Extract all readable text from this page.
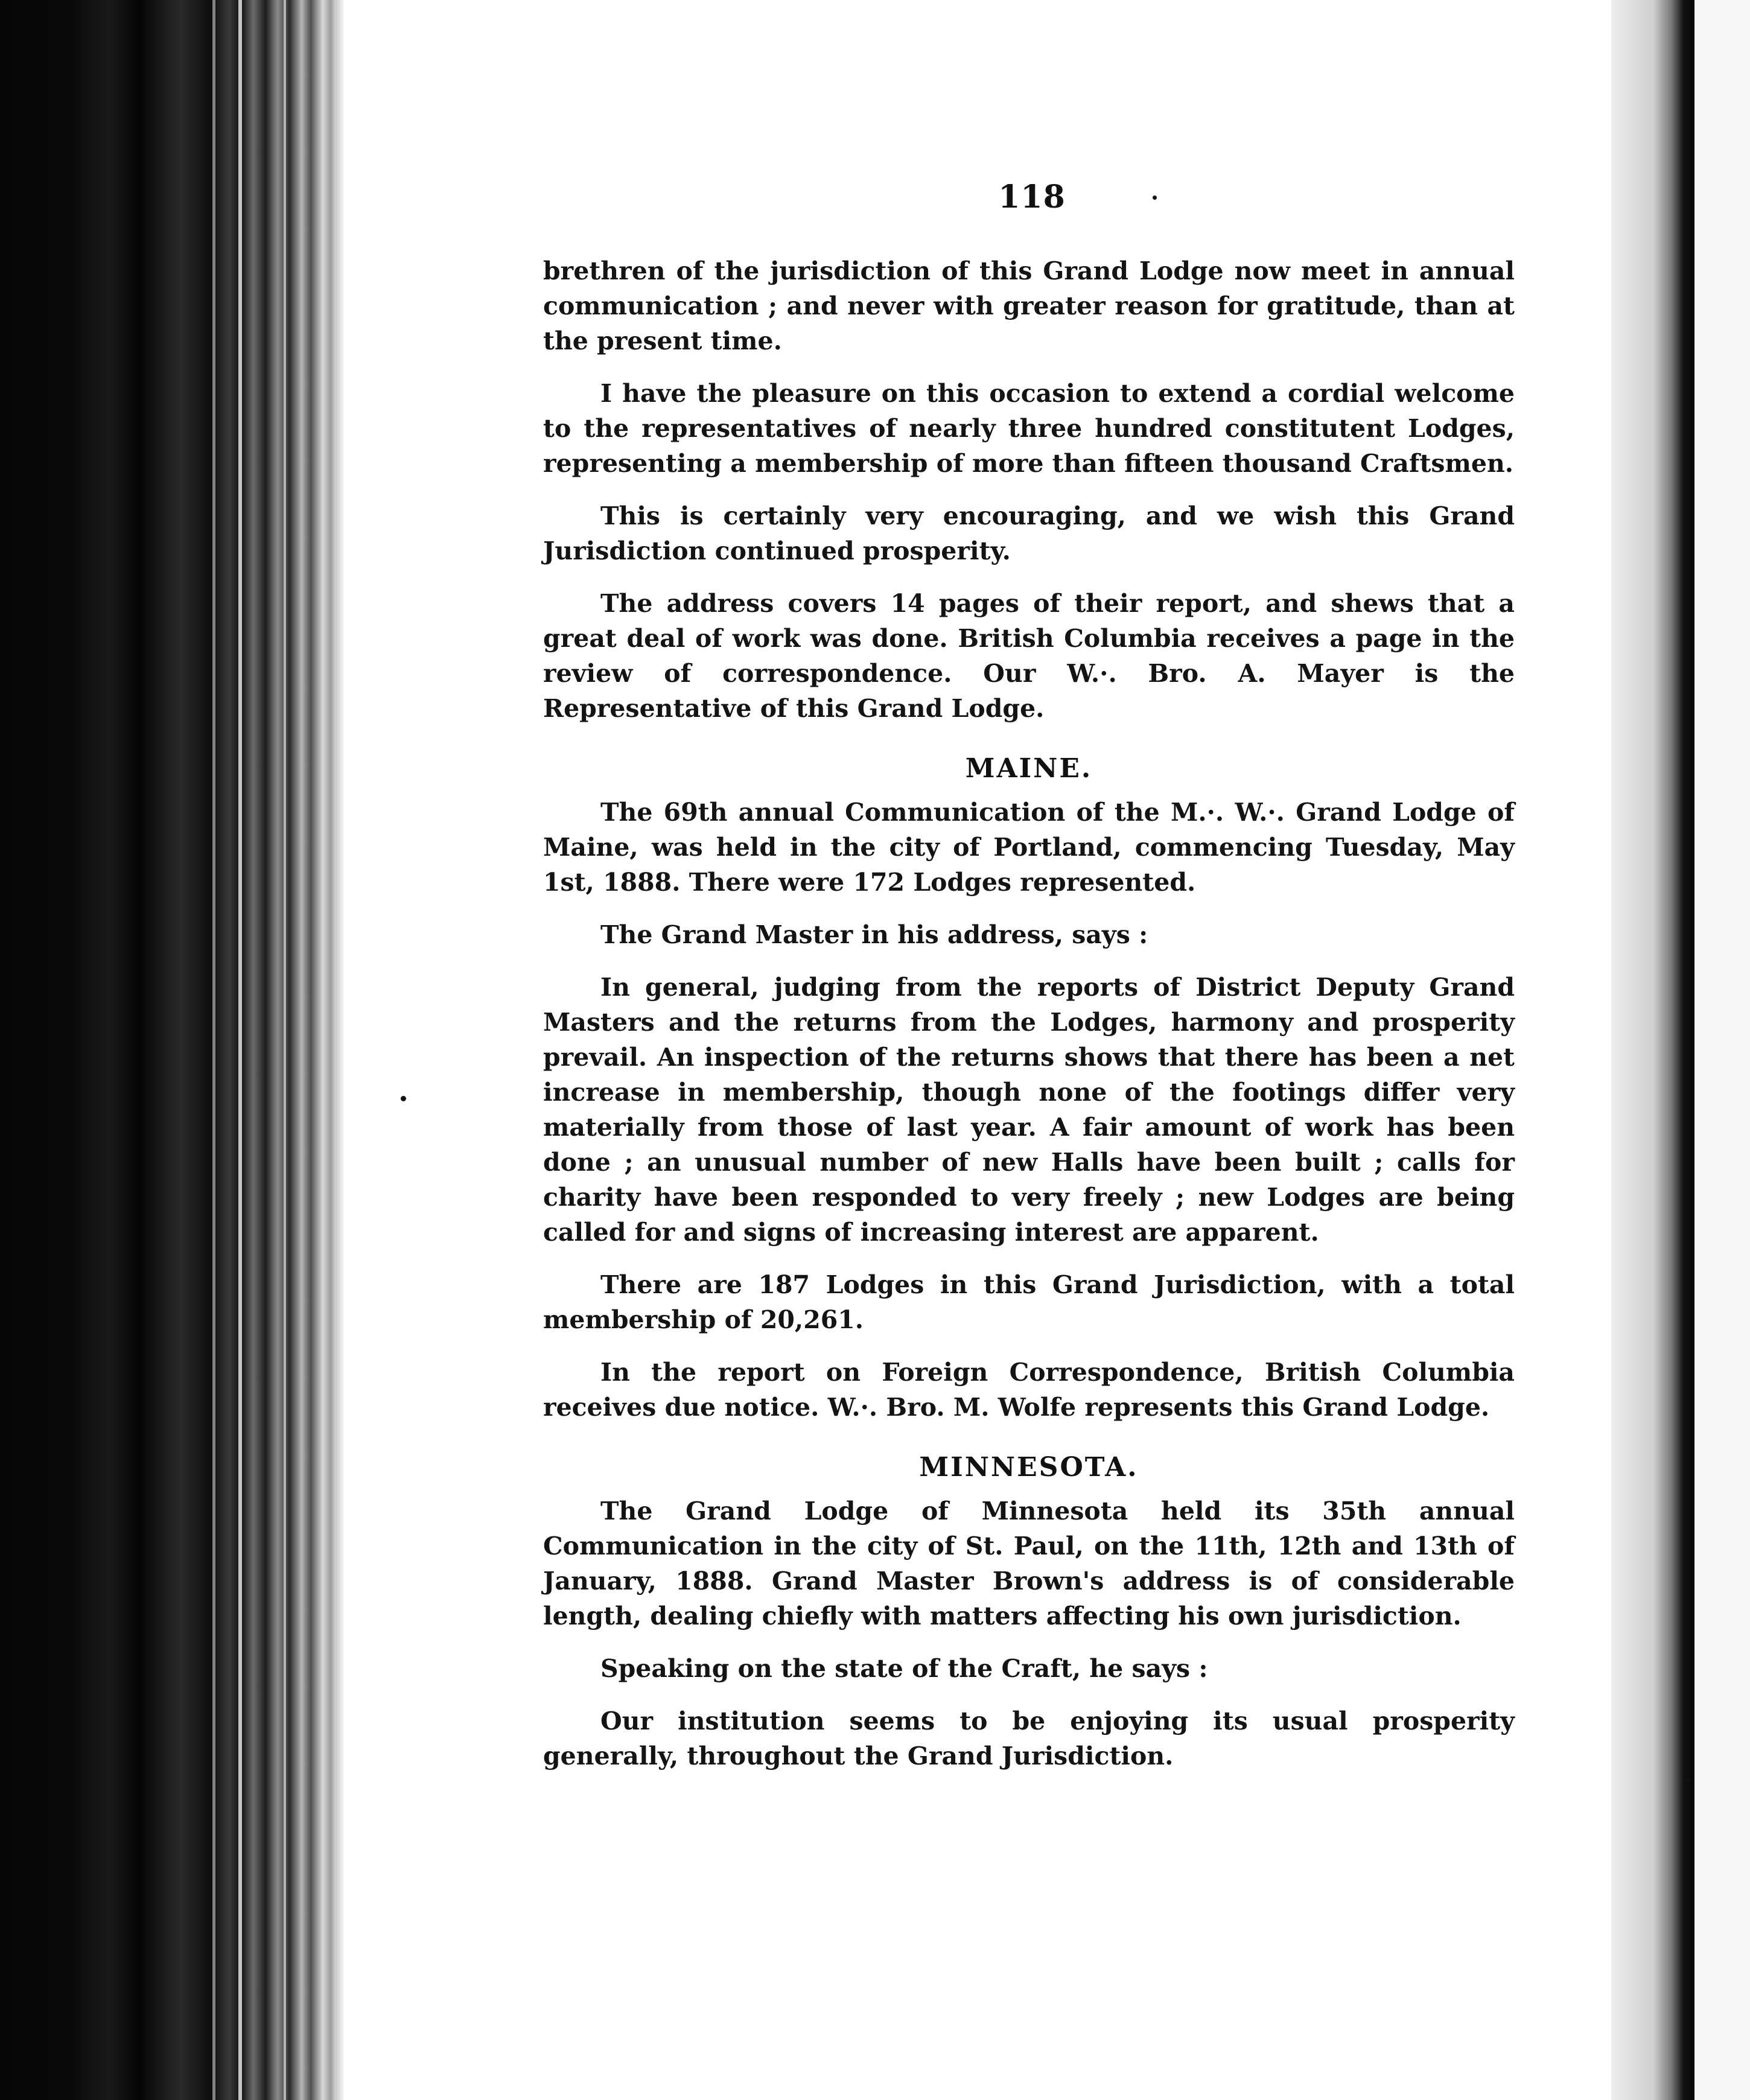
118

brethren of the jurisdiction of this Grand Lodge now meet in annual communication ; and never with greater reason for gratitude, than at the present time.

I have the pleasure on this occasion to extend a cordial welcome to the representatives of nearly three hundred constitutent Lodges, representing a membership of more than fifteen thousand Craftsmen.

This is certainly very encouraging, and we wish this Grand Jurisdiction continued prosperity.

The address covers 14 pages of their report, and shews that a great deal of work was done. British Columbia receives a page in the review of correspondence. Our W.·. Bro. A. Mayer is the Representative of this Grand Lodge.

MAINE.

The 69th annual Communication of the M.·. W.·. Grand Lodge of Maine, was held in the city of Portland, commencing Tuesday, May 1st, 1888. There were 172 Lodges represented.

The Grand Master in his address, says :

In general, judging from the reports of District Deputy Grand Masters and the returns from the Lodges, harmony and prosperity prevail. An inspection of the returns shows that there has been a net increase in membership, though none of the footings differ very materially from those of last year. A fair amount of work has been done ; an unusual number of new Halls have been built ; calls for charity have been responded to very freely ; new Lodges are being called for and signs of increasing interest are apparent.

There are 187 Lodges in this Grand Jurisdiction, with a total membership of 20,261.

In the report on Foreign Correspondence, British Columbia receives due notice. W.·. Bro. M. Wolfe represents this Grand Lodge.

MINNESOTA.

The Grand Lodge of Minnesota held its 35th annual Communication in the city of St. Paul, on the 11th, 12th and 13th of January, 1888. Grand Master Brown's address is of considerable length, dealing chiefly with matters affecting his own jurisdiction.

Speaking on the state of the Craft, he says :

Our institution seems to be enjoying its usual prosperity generally, throughout the Grand Jurisdiction.
